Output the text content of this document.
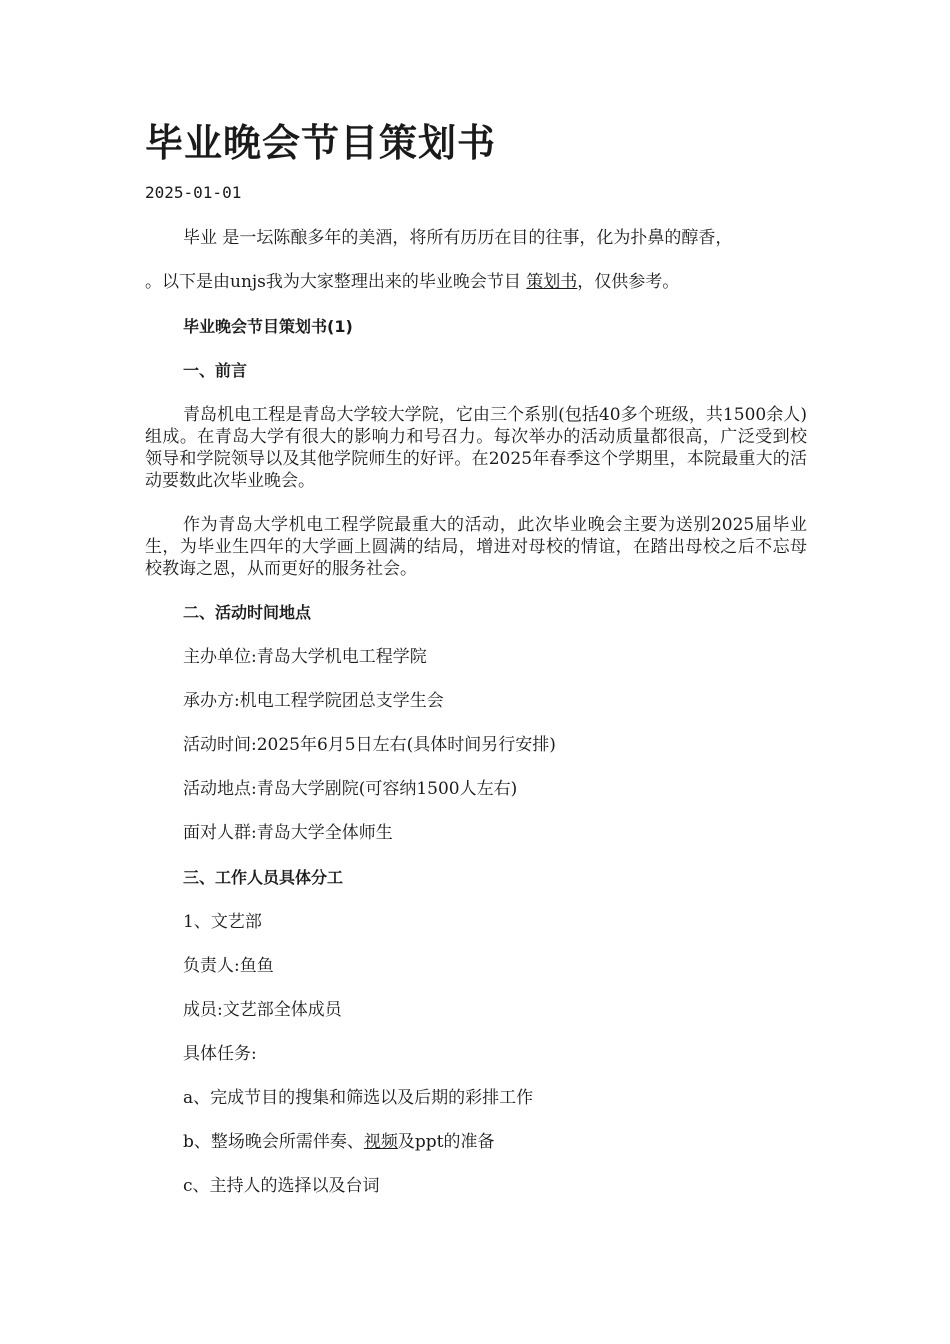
毕业晚会节目策划书
2025-01-01
毕业 是一坛陈酿多年的美酒，将所有历历在目的往事，化为扑鼻的醇香，
。以下是由unjs我为大家整理出来的毕业晚会节目 策划书，仅供参考。
毕业晚会节目策划书(1)
一、前言
青岛机电工程是青岛大学较大学院，它由三个系别(包括40多个班级，共1500余人)组成。在青岛大学有很大的影响力和号召力。每次举办的活动质量都很高，广泛受到校领导和学院领导以及其他学院师生的好评。在2025年春季这个学期里，本院最重大的活动要数此次毕业晚会。
作为青岛大学机电工程学院最重大的活动，此次毕业晚会主要为送别2025届毕业生，为毕业生四年的大学画上圆满的结局，增进对母校的情谊，在踏出母校之后不忘母校教诲之恩，从而更好的服务社会。
二、活动时间地点
主办单位:青岛大学机电工程学院
承办方:机电工程学院团总支学生会
活动时间:2025年6月5日左右(具体时间另行安排)
活动地点:青岛大学剧院(可容纳1500人左右)
面对人群:青岛大学全体师生
三、工作人员具体分工
1、文艺部
负责人:鱼鱼
成员:文艺部全体成员
具体任务:
a、完成节目的搜集和筛选以及后期的彩排工作
b、整场晚会所需伴奏、视频及ppt的准备
c、主持人的选择以及台词
